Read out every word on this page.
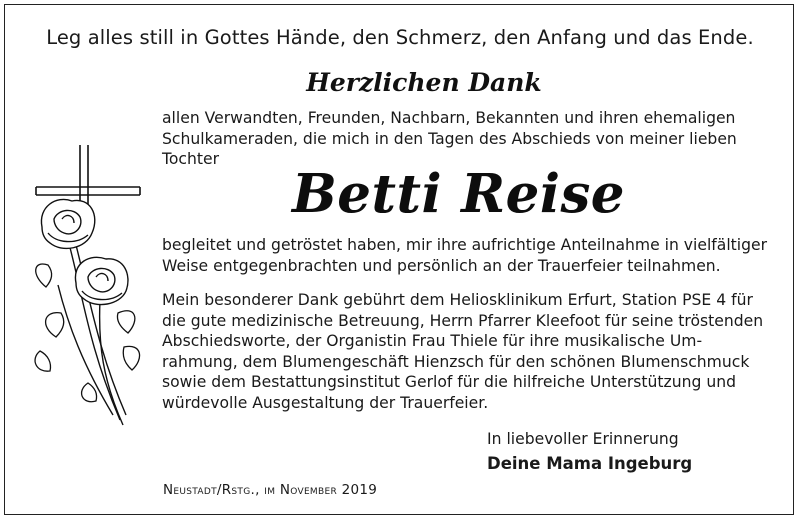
Leg alles still in Gottes Hände, den Schmerz, den Anfang und das Ende.
Herzlichen Dank
allen Verwandten, Freunden, Nachbarn, Bekannten und ihren ehemaligen
Schulkameraden, die mich in den Tagen des Abschieds von meiner lieben
Tochter
Betti Reise
begleitet und getröstet haben, mir ihre aufrichtige Anteilnahme in vielfältiger
Weise entgegenbrachten und persönlich an der Trauerfeier teilnahmen.
Mein besonderer Dank gebührt dem Heliosklinikum Erfurt, Station PSE 4 für
die gute medizinische Betreuung, Herrn Pfarrer Kleefoot für seine tröstenden
Abschiedsworte, der Organistin Frau Thiele für ihre musikalische Um-
rahmung, dem Blumengeschäft Hienzsch für den schönen Blumenschmuck
sowie dem Bestattungsinstitut Gerlof für die hilfreiche Unterstützung und
würdevolle Ausgestaltung der Trauerfeier.
In liebevoller Erinnerung
Deine Mama Ingeburg
Neustadt/Rstg., im November 2019
